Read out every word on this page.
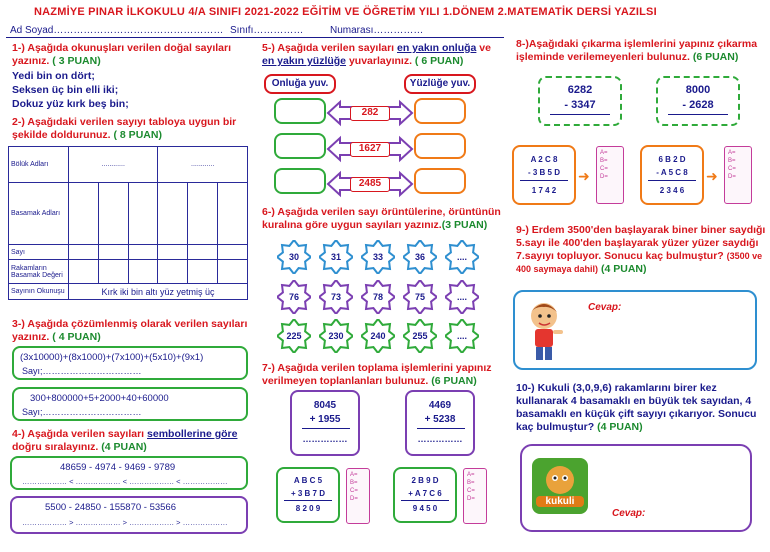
NAZMİYE PINAR İLKOKULU 4/A SINIFI 2021-2022 EĞİTİM VE ÖĞRETİM YILI 1.DÖNEM 2.MATEMATİK DERSİ YAZILSI
Ad Soyad…………………………………………… Sınıfı……………	Numarası……………
1-) Aşağıda okunuşları verilen doğal sayıları yazınız. ( 3 PUAN)
Yedi bin on dört;
Seksen üç bin elli iki;
Dokuz yüz kırk beş bin;
2-) Aşağıdaki verilen sayıyı tabloya uygun bir şekilde doldurunuz. ( 8 PUAN)
Bölük Adları	............			............		
Basamak Adları						
Sayı						
Rakamların Basamak Değeri						
Sayının Okunuşu	Kırk iki bin altı yüz yetmiş üç					
3-) Aşağıda çözümlenmiş olarak verilen sayıları yazınız. ( 4 PUAN)
(3x10000)+(8x1000)+(7x100)+(5x10)+(9x1)
Sayı;……………………………
300+800000+5+2000+40+60000
Sayı;……………………………
4-) Aşağıda verilen sayıları sembollerine göre doğru sıralayınız. (4 PUAN)
48659 - 4974 - 9469 - 9789
……………… < ……………… < ……………… < ………………
5500 - 24850 - 155870 - 53566
……………… > ……………… > ……………… > ………………
5-) Aşağıda verilen sayıları en yakın onluğa ve en yakın yüzlüğe yuvarlayınız. ( 6 PUAN)
Onluğa yuv.	Yüzlüğe yuv.
282
1627
2485
6-) Aşağıda verilen sayı örüntülerine, örüntünün kuralına göre uygun sayıları yazınız.(3 PUAN)
30	31	33	36	....
76	73	78	75	....
225	230	240	255	....
7-) Aşağıda verilen toplama işlemlerini yapınız verilmeyen toplanlanları bulunuz. (6 PUAN)
8045
+ 1955
……………
4469
+ 5238
……………
A B C 5
+ 3 B 7 D
8 2 0 9
A=
B=
C=
D=
2 B 9 D
+ A 7 C 6
9 4 5 0
A=
B=
C=
D=
8-)Aşağıdaki çıkarma işlemlerini yapınız çıkarma işleminde verilemeyenleri bulunuz. (6 PUAN)
6282
- 3347
8000
- 2628
A 2 C 8
- 3 B 5 D
1 7 4 2
A=
B=
C=
D=
➜
6 B 2 D
- A 5 C 8
2 3 4 6
A=
B=
C=
D=
➜
9-) Erdem 3500'den başlayarak biner biner saydığı 5.sayı ile 400'den başlayarak yüzer yüzer saydığı 7.sayıyı topluyor. Sonucu kaç bulmuştur? (3500 ve 400 saymaya dahil) (4 PUAN)
Cevap:
10-) Kukuli (3,0,9,6) rakamlarını birer kez kullanarak 4 basamaklı en büyük tek sayıdan, 4 basamaklı en küçük çift sayıyı çıkarıyor. Sonucu kaç bulmuştur? (4 PUAN)
kukuli
Cevap:
